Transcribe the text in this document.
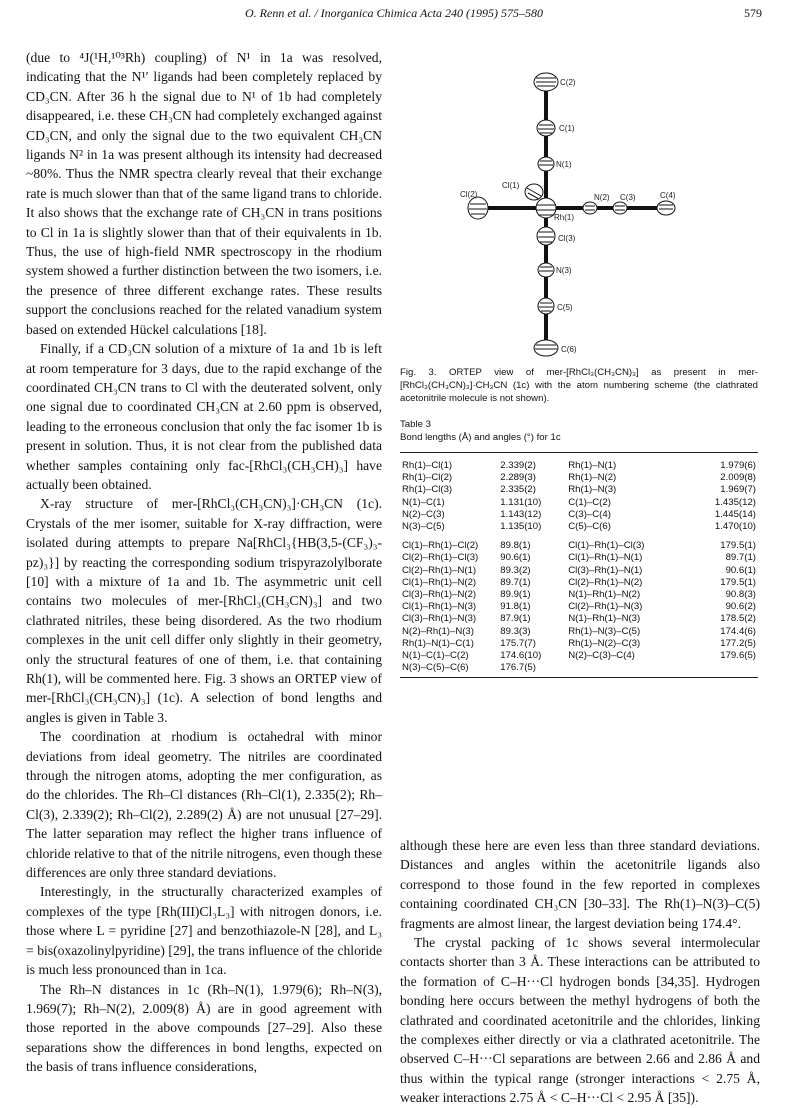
O. Renn et al. / Inorganica Chimica Acta 240 (1995) 575–580	579

(due to ⁴J(¹H,¹⁰³Rh) coupling) of N¹ in 1a was resolved, indicating that the N¹′ ligands had been completely replaced by CD₃CN. After 36 h the signal due to N¹ of 1b had completely disappeared, i.e. these CH₃CN had completely exchanged against CD₃CN, and only the signal due to the two equivalent CH₃CN ligands N² in 1a was present although its intensity had decreased ~80%. Thus the NMR spectra clearly reveal that their exchange rate is much slower than that of the same ligand trans to chloride. It also shows that the exchange rate of CH₃CN in trans positions to Cl in 1a is slightly slower than that of their equivalents in 1b. Thus, the use of high-field NMR spectroscopy in the rhodium system showed a further distinction between the two isomers, i.e. the presence of three different exchange rates. These results support the conclusions reached for the related vanadium system based on extended Hückel calculations [18].

Finally, if a CD₃CN solution of a mixture of 1a and 1b is left at room temperature for 3 days, due to the rapid exchange of the coordinated CH₃CN trans to Cl with the deuterated solvent, only one signal due to coordinated CH₃CN at 2.60 ppm is observed, leading to the erroneous conclusion that only the fac isomer 1b is present in solution. Thus, it is not clear from the published data whether samples containing only fac-[RhCl₃(CH₃CH)₃] have actually been obtained.

X-ray structure of mer-[RhCl₃(CH₃CN)₃]·CH₃CN (1c). Crystals of the mer isomer, suitable for X-ray diffraction, were isolated during attempts to prepare Na[RhCl₃{HB(3,5-(CF₃)₃-pz)₃}] by reacting the corresponding sodium trispyrazolylborate [10] with a mixture of 1a and 1b. The asymmetric unit cell contains two molecules of mer-[RhCl₃(CH₃CN)₃] and two clathrated nitriles, these being disordered. As the two rhodium complexes in the unit cell differ only slightly in their geometry, only the structural features of one of them, i.e. that containing Rh(1), will be commented here. Fig. 3 shows an ORTEP view of mer-[RhCl₃(CH₃CN)₃] (1c). A selection of bond lengths and angles is given in Table 3.

The coordination at rhodium is octahedral with minor deviations from ideal geometry. The nitriles are coordinated through the nitrogen atoms, adopting the mer configuration, as do the chlorides. The Rh–Cl distances (Rh–Cl(1), 2.335(2); Rh–Cl(3), 2.339(2); Rh–Cl(2), 2.289(2) Å) are not unusual [27–29]. The latter separation may reflect the higher trans influence of chloride relative to that of the nitrile nitrogens, even though these differences are only three standard deviations.

Interestingly, in the structurally characterized examples of complexes of the type [Rh(III)Cl₃L₃] with nitrogen donors, i.e. those where L = pyridine [27] and benzothiazole-N [28], and L₃ = bis(oxazolinylpyridine) [29], the trans influence of the chloride is much less pronounced than in 1ca.

The Rh–N distances in 1c (Rh–N(1), 1.979(6); Rh–N(3), 1.969(7); Rh–N(2), 2.009(8) Å) are in good agreement with those reported in the above compounds [27–29]. Also these separations show the differences in bond lengths, expected on the basis of trans influence considerations,

C(2)
C(1)
N(1)
Cl(1)
Cl(2)
Rh(1)
N(2) C(3)	C(4)
Cl(3)
N(3)
C(5)
C(6)
Fig. 3. ORTEP view of mer-[RhCl₃(CH₃CN)₃] as present in mer-[RhCl₃(CH₃CN)₃]·CH₃CN (1c) with the atom numbering scheme (the clathrated acetonitrile molecule is not shown).
Table 3
Bond lengths (Å) and angles (°) for 1c
Rh(1)–Cl(1)	2.339(2)	Rh(1)–N(1)	1.979(6)
Rh(1)–Cl(2)	2.289(3)	Rh(1)–N(2)	2.009(8)
Rh(1)–Cl(3)	2.335(2)	Rh(1)–N(3)	1.969(7)
N(1)–C(1)	1.131(10)	C(1)–C(2)	1.435(12)
N(2)–C(3)	1.143(12)	C(3)–C(4)	1.445(14)
N(3)–C(5)	1.135(10)	C(5)–C(6)	1.470(10)
Cl(1)–Rh(1)–Cl(2)	89.8(1)	Cl(1)–Rh(1)–Cl(3)	179.5(1)
Cl(2)–Rh(1)–Cl(3)	90.6(1)	Cl(1)–Rh(1)–N(1)	89.7(1)
Cl(2)–Rh(1)–N(1)	89.3(2)	Cl(3)–Rh(1)–N(1)	90.6(1)
Cl(1)–Rh(1)–N(2)	89.7(1)	Cl(2)–Rh(1)–N(2)	179.5(1)
Cl(3)–Rh(1)–N(2)	89.9(1)	N(1)–Rh(1)–N(2)	90.8(3)
Cl(1)–Rh(1)–N(3)	91.8(1)	Cl(2)–Rh(1)–N(3)	90.6(2)
Cl(3)–Rh(1)–N(3)	87.9(1)	N(1)–Rh(1)–N(3)	178.5(2)
N(2)–Rh(1)–N(3)	89.3(3)	Rh(1)–N(3)–C(5)	174.4(6)
Rh(1)–N(1)–C(1)	175.7(7)	Rh(1)–N(2)–C(3)	177.2(5)
N(1)–C(1)–C(2)	174.6(10)	N(2)–C(3)–C(4)	179.6(5)
N(3)–C(5)–C(6)	176.7(5)		

although these here are even less than three standard deviations. Distances and angles within the acetonitrile ligands also correspond to those found in the few reported in complexes containing coordinated CH₃CN [30–33]. The Rh(1)–N(3)–C(5) fragments are almost linear, the largest deviation being 174.4°.

The crystal packing of 1c shows several intermolecular contacts shorter than 3 Å. These interactions can be attributed to the formation of C–H···Cl hydrogen bonds [34,35]. Hydrogen bonding here occurs between the methyl hydrogens of both the clathrated and coordinated acetonitrile and the chlorides, linking the complexes either directly or via a clathrated acetonitrile. The observed C–H···Cl separations are between 2.66 and 2.86 Å and thus within the typical range (stronger interactions < 2.75 Å, weaker interactions 2.75 Å < C–H···Cl < 2.95 Å [35]).
